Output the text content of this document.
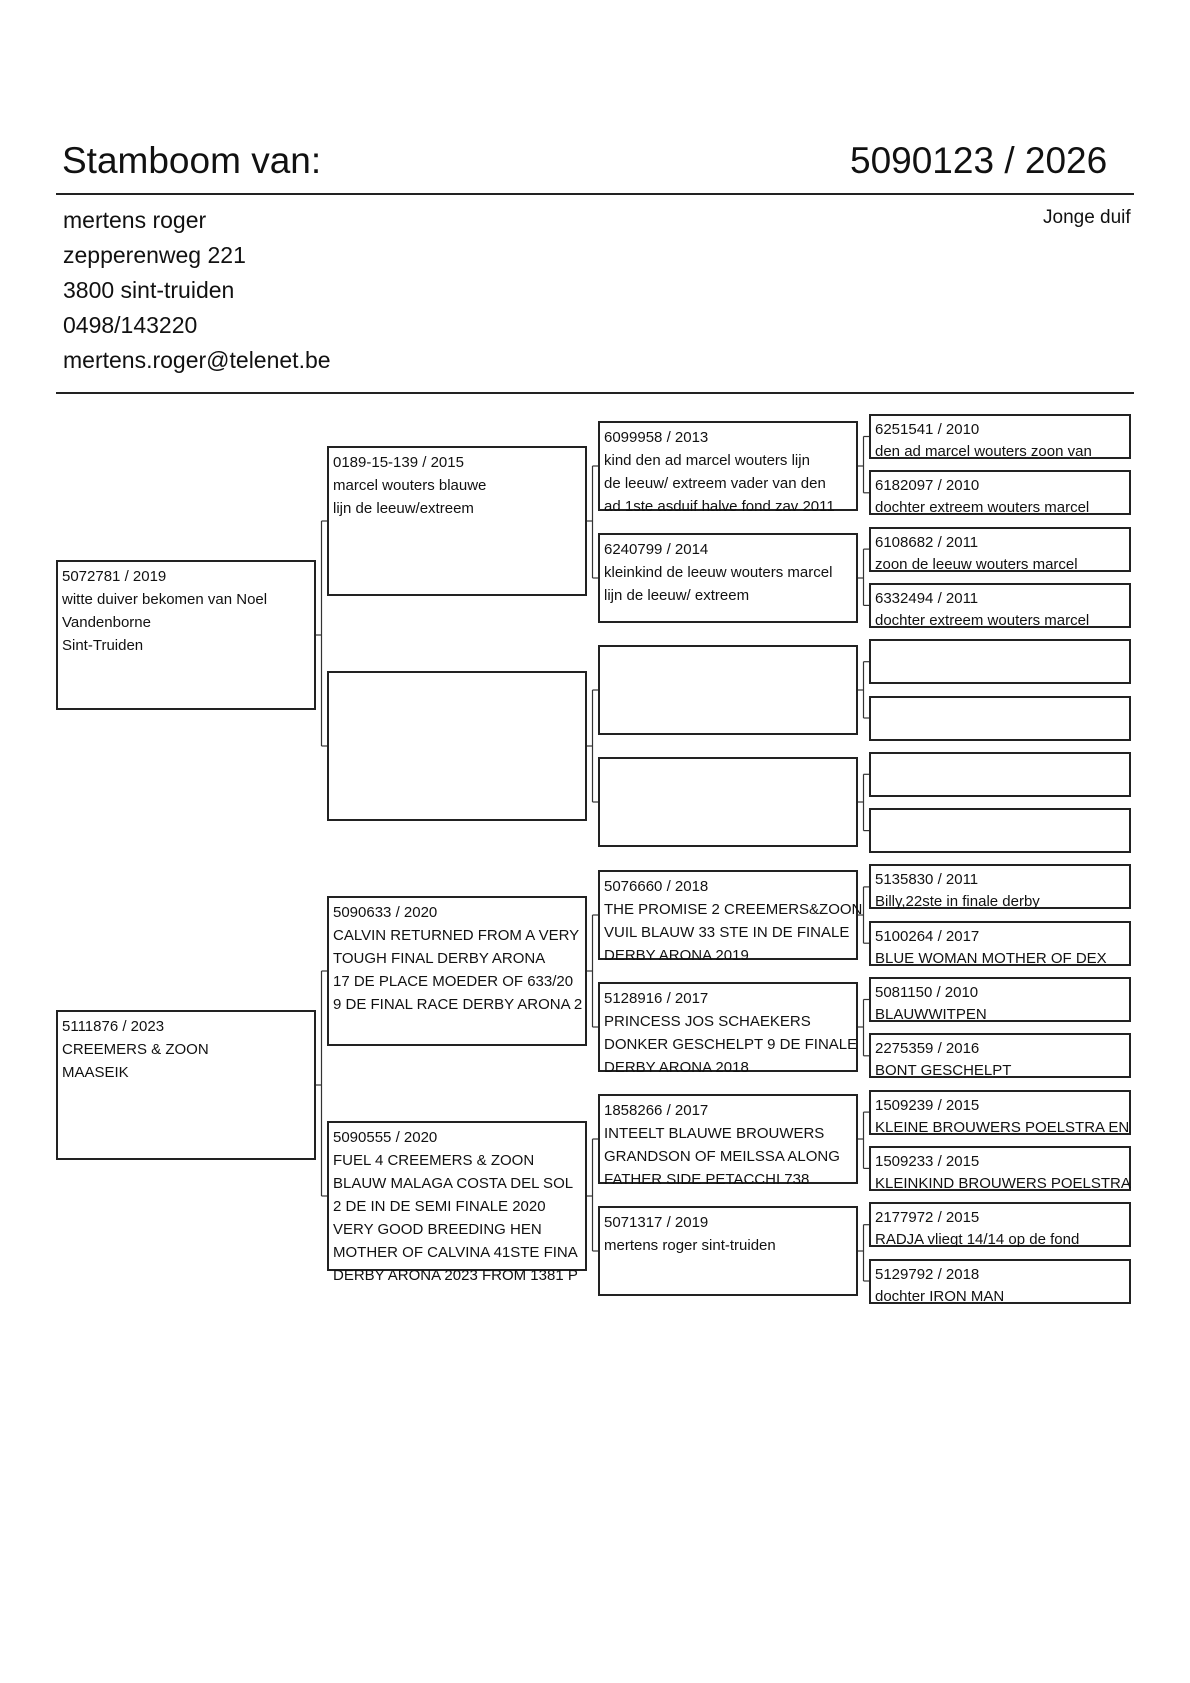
Stamboom van:	5090123 / 2026
Jonge duif
mertens roger
zepperenweg 221
3800 sint-truiden
0498/143220
mertens.roger@telenet.be
5072781 / 2019
witte duiver bekomen van Noel
Vandenborne
Sint-Truiden
5111876 / 2023
CREEMERS & ZOON
MAASEIK
0189-15-139 / 2015
marcel wouters blauwe
lijn de leeuw/extreem
5090633 / 2020
CALVIN RETURNED FROM A VERY
TOUGH FINAL DERBY ARONA
17 DE PLACE MOEDER OF 633/20
9 DE FINAL RACE DERBY ARONA 2
5090555 / 2020
FUEL 4 CREEMERS & ZOON
BLAUW MALAGA COSTA DEL SOL
2 DE IN DE SEMI FINALE 2020
VERY GOOD BREEDING HEN
MOTHER OF CALVINA 41STE FINA
DERBY ARONA 2023 FROM 1381 P
6099958 / 2013
kind den ad marcel wouters lijn
de leeuw/ extreem vader van den
ad 1ste asduif halve fond zav 2011
6240799 / 2014
kleinkind de leeuw wouters marcel
lijn de leeuw/ extreem
5076660 / 2018
THE PROMISE 2 CREEMERS&ZOON
VUIL BLAUW 33 STE IN DE FINALE
DERBY ARONA 2019
5128916 / 2017
PRINCESS JOS SCHAEKERS
DONKER GESCHELPT 9 DE FINALE
DERBY ARONA 2018
1858266 / 2017
INTEELT BLAUWE BROUWERS
GRANDSON OF MEILSSA ALONG
FATHER SIDE PETACCHI 738
5071317 / 2019
mertens roger sint-truiden
6251541 / 2010
den ad marcel wouters zoon van
6182097 / 2010
dochter extreem wouters marcel
6108682 / 2011
zoon de leeuw wouters marcel
6332494 / 2011
dochter extreem wouters marcel
5135830 / 2011
Billy,22ste in finale derby
5100264 / 2017
BLUE WOMAN MOTHER OF DEX
5081150 / 2010
BLAUWWITPEN
2275359 / 2016
BONT GESCHELPT
1509239 / 2015
KLEINE BROUWERS POELSTRA EN
1509233 / 2015
KLEINKIND BROUWERS POELSTRA
2177972 / 2015
RADJA vliegt 14/14 op de fond
5129792 / 2018
dochter IRON MAN
